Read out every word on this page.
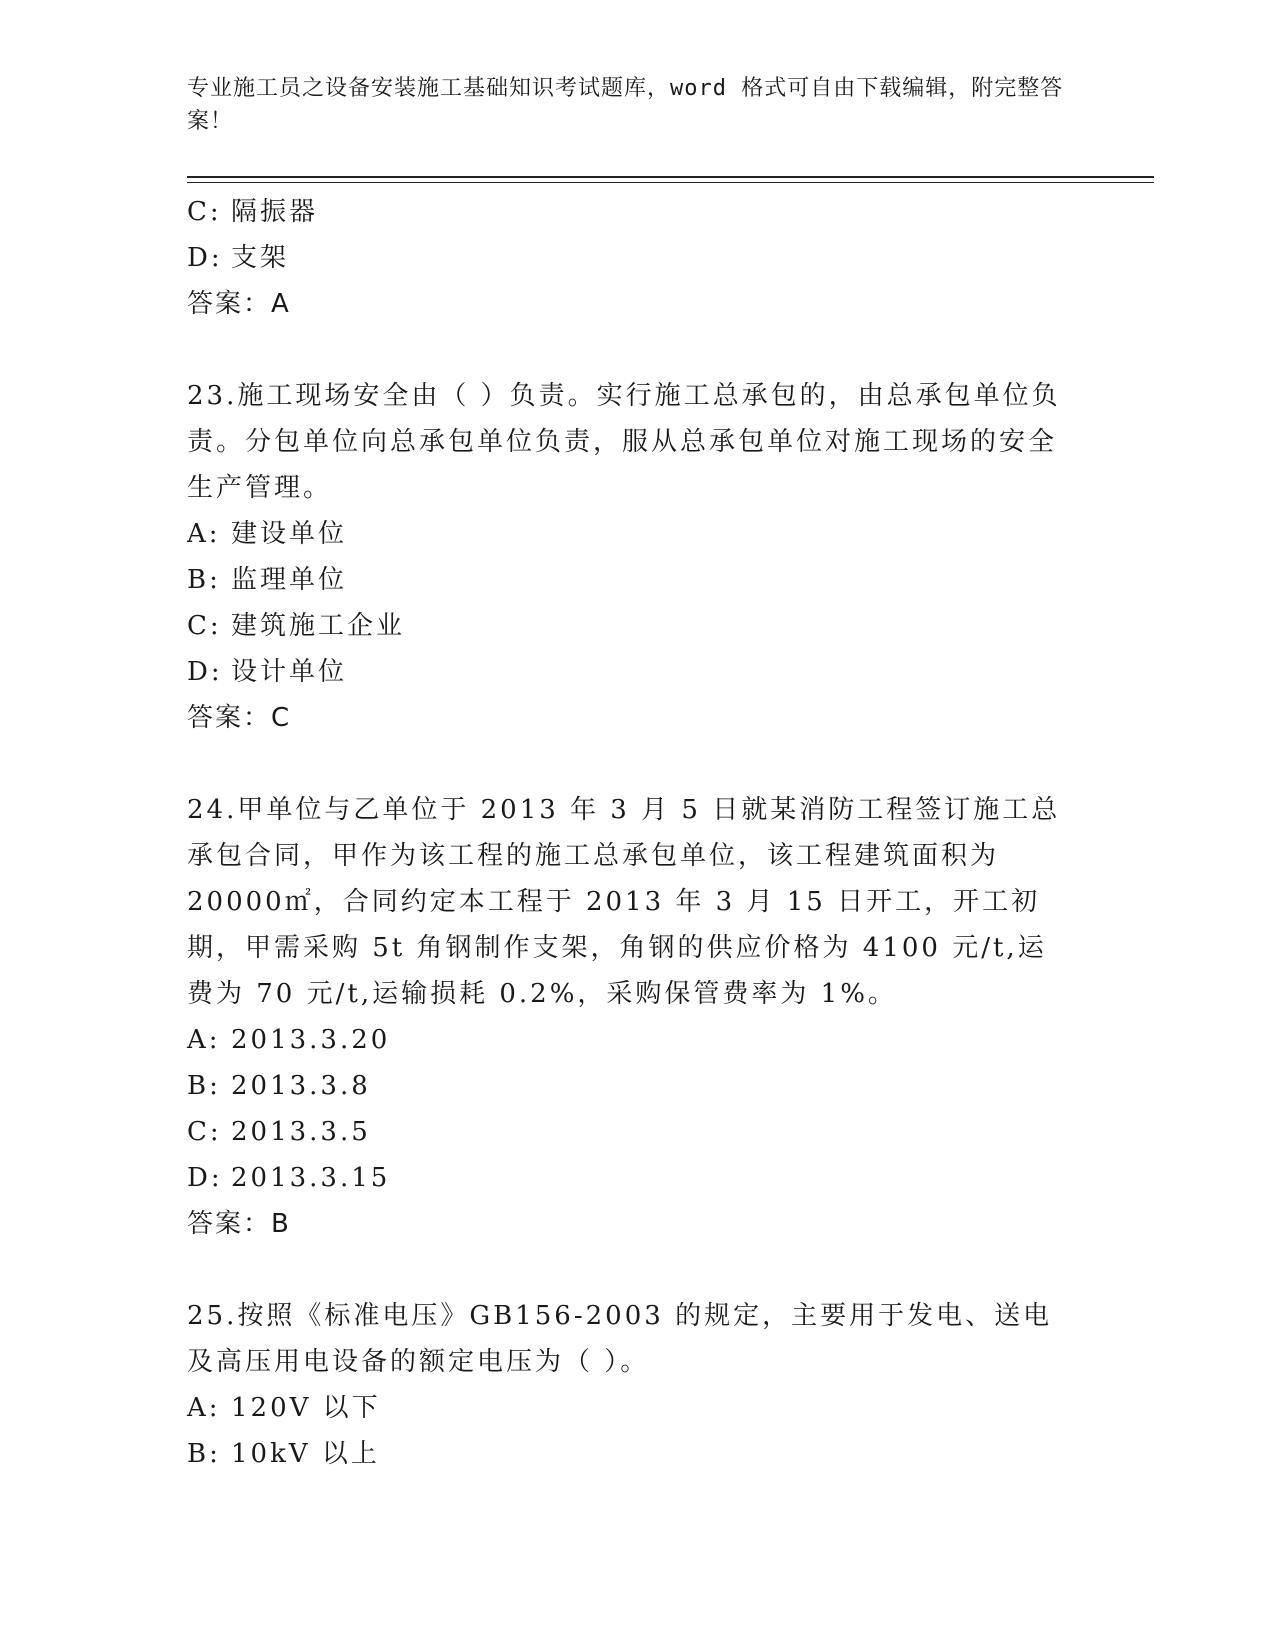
专业施工员之设备安装施工基础知识考试题库，word 格式可自由下载编辑，附完整答案！
C: 隔振器
D: 支架
答案：A
23.施工现场安全由（ ）负责。实行施工总承包的，由总承包单位负责。分包单位向总承包单位负责，服从总承包单位对施工现场的安全生产管理。
A: 建设单位
B: 监理单位
C: 建筑施工企业
D: 设计单位
答案：C
24.甲单位与乙单位于 2013 年 3 月 5 日就某消防工程签订施工总承包合同，甲作为该工程的施工总承包单位，该工程建筑面积为 20000㎡，合同约定本工程于 2013 年 3 月 15 日开工，开工初期，甲需采购 5t 角钢制作支架，角钢的供应价格为 4100 元/t,运费为 70 元/t,运输损耗 0.2%，采购保管费率为 1%。
A: 2013.3.20
B: 2013.3.8
C: 2013.3.5
D: 2013.3.15
答案：B
25.按照《标准电压》GB156-2003 的规定，主要用于发电、送电及高压用电设备的额定电压为（ ）。
A: 120V 以下
B: 10kV 以上
